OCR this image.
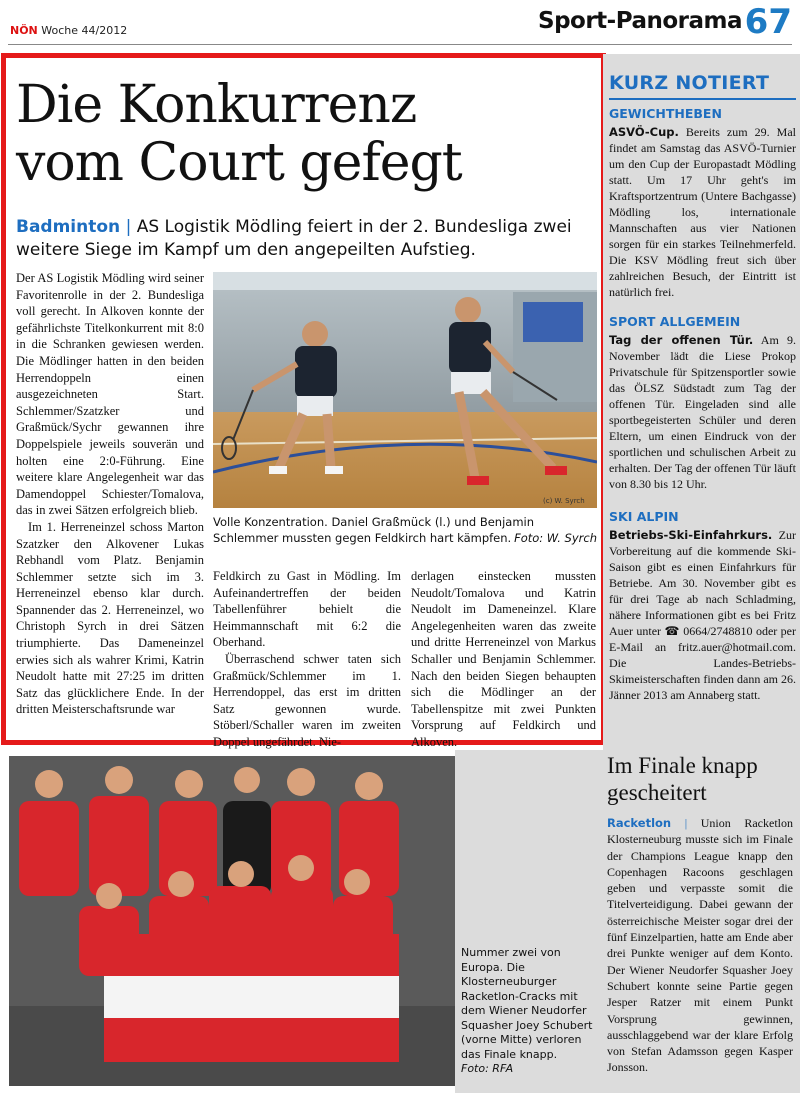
NÖN Woche 44/2012	Sport-Panorama 67
Die Konkurrenz
vom Court gefegt
Badminton | AS Logistik Mödling feiert in der 2. Bundesliga zwei weitere Siege im Kampf um den angepeilten Aufstieg.

Der AS Logistik Mödling wird seiner Favoritenrolle in der 2. Bundesliga voll gerecht. In Alkoven konnte der gefährlichste Titelkonkurrent mit 8:0 in die Schranken gewiesen werden. Die Mödlinger hatten in den beiden Herrendoppeln einen ausgezeichneten Start. Schlemmer/Szatzker und Graßmück/Sychr gewannen ihre Doppelspiele jeweils souverän und holten eine 2:0-Führung. Eine weitere klare Angelegenheit war das Damendoppel Schiester/Tomalova, das in zwei Sätzen erfolgreich blieb.

Im 1. Herreneinzel schoss Marton Szatzker den Alkovener Lukas Rebhandl vom Platz. Benjamin Schlemmer setzte sich im 3. Herreneinzel ebenso klar durch. Spannender das 2. Herreneinzel, wo Christoph Syrch in drei Sätzen triumphierte. Das Dameneinzel erwies sich als wahrer Krimi, Katrin Neudolt hatte mit 27:25 im dritten Satz das glücklichere Ende. In der dritten Meisterschaftsrunde war

(c) W. Syrch
Volle Konzentration. Daniel Graßmück (l.) und Benjamin Schlemmer mussten gegen Feldkirch hart kämpfen. Foto: W. Syrch

Feldkirch zu Gast in Mödling. Im Aufeinandertreffen der beiden Tabellenführer behielt die Heimmannschaft mit 6:2 die Oberhand.

Überraschend schwer taten sich Graßmück/Schlemmer im 1. Herrendoppel, das erst im dritten Satz gewonnen wurde. Stöberl/Schaller waren im zweiten Doppel ungefährdet. Nie-

derlagen einstecken mussten Neudolt/Tomalova und Katrin Neudolt im Dameneinzel. Klare Angelegenheiten waren das zweite und dritte Herreneinzel von Markus Schaller und Benjamin Schlemmer. Nach den beiden Siegen behaupten sich die Mödlinger an der Tabellenspitze mit zwei Punkten Vorsprung auf Feldkirch und Alkoven.

KURZ NOTIERT
GEWICHTHEBEN

ASVÖ-Cup. Bereits zum 29. Mal findet am Samstag das ASVÖ-Turnier um den Cup der Europastadt Mödling statt. Um 17 Uhr geht's im Kraftsportzentrum (Untere Bachgasse) Mödling los, internationale Mannschaften aus vier Nationen sorgen für ein starkes Teilnehmerfeld. Die KSV Mödling freut sich über zahlreichen Besuch, der Eintritt ist natürlich frei.

SPORT ALLGEMEIN

Tag der offenen Tür. Am 9. November lädt die Liese Prokop Privatschule für Spitzensportler sowie das ÖLSZ Südstadt zum Tag der offenen Tür. Eingeladen sind alle sportbegeisterten Schüler und deren Eltern, um einen Eindruck von der sportlichen und schulischen Arbeit zu erhalten. Der Tag der offenen Tür läuft von 8.30 bis 12 Uhr.

SKI ALPIN

Betriebs-Ski-Einfahrkurs. Zur Vorbereitung auf die kommende Ski-Saison gibt es einen Einfahrkurs für Betriebe. Am 30. November gibt es für drei Tage ab nach Schladming, nähere Informationen gibt es bei Fritz Auer unter ☎ 0664/2748810 oder per E-Mail an fritz.auer@hotmail.com. Die Landes-Betriebs-Skimeisterschaften finden dann am 26. Jänner 2013 am Annaberg statt.

Nummer zwei von Europa. Die Klosterneuburger Racketlon-Cracks mit dem Wiener Neudorfer Squasher Joey Schubert (vorne Mitte) verloren das Finale knapp.
Foto: RFA
Im Finale knapp gescheitert
Racketlon | Union Racketlon Klosterneuburg musste sich im Finale der Champions League knapp den Copenhagen Racoons geschlagen geben und verpasste somit die Titelverteidigung. Dabei gewann der österreichische Meister sogar drei der fünf Einzelpartien, hatte am Ende aber drei Punkte weniger auf dem Konto. Der Wiener Neudorfer Squasher Joey Schubert konnte seine Partie gegen Jesper Ratzer mit einem Punkt Vorsprung gewinnen, ausschlaggebend war der klare Erfolg von Stefan Adamsson gegen Kasper Jonsson.
